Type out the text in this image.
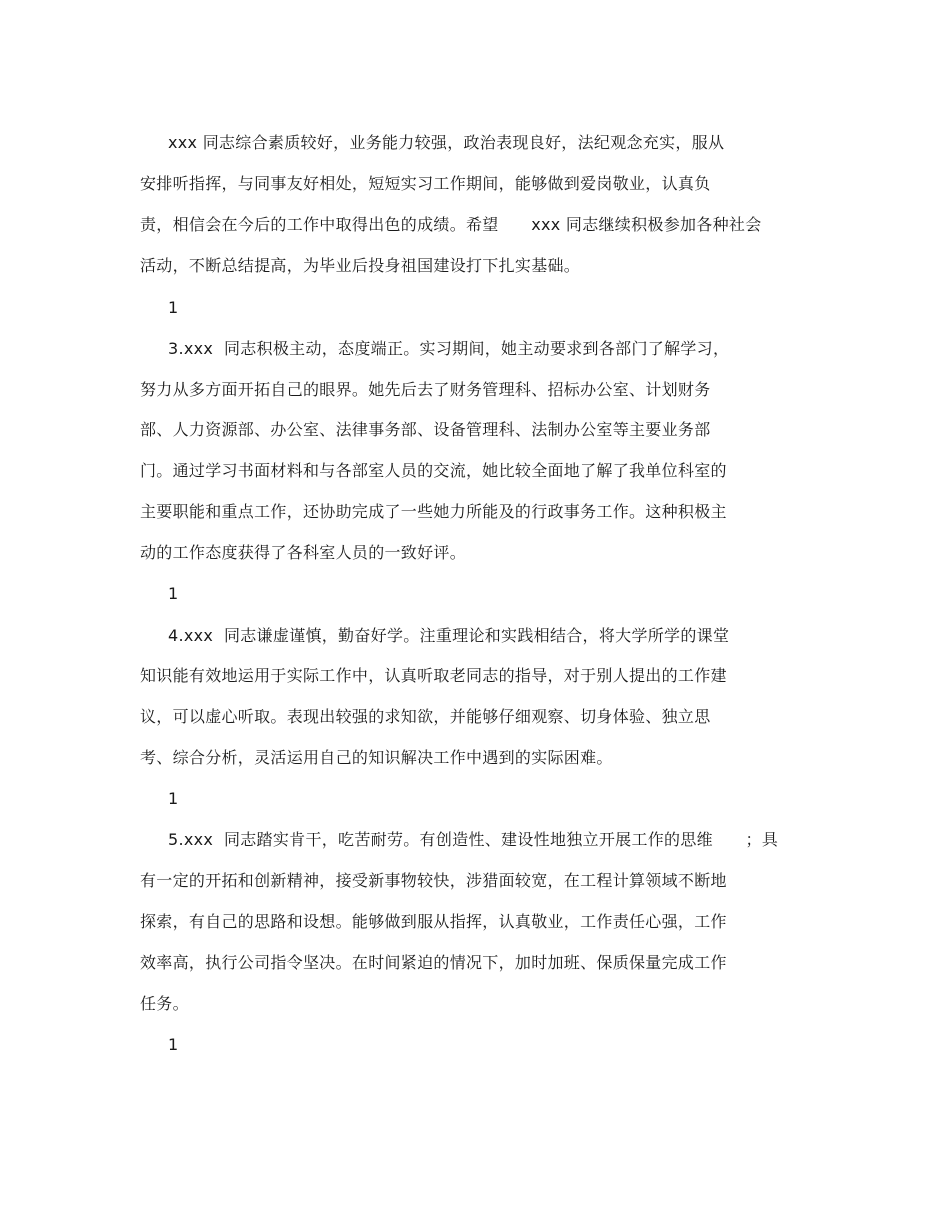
xxx 同志综合素质较好，业务能力较强，政治表现良好，法纪观念充实，服从
安排听指挥，与同事友好相处，短短实习工作期间，能够做到爱岗敬业，认真负
责，相信会在今后的工作中取得出色的成绩。希望　　xxx 同志继续积极参加各种社会
活动，不断总结提高，为毕业后投身祖国建设打下扎实基础。
1
3.xxx  同志积极主动，态度端正。实习期间，她主动要求到各部门了解学习，
努力从多方面开拓自己的眼界。她先后去了财务管理科、招标办公室、计划财务
部、人力资源部、办公室、法律事务部、设备管理科、法制办公室等主要业务部
门。通过学习书面材料和与各部室人员的交流，她比较全面地了解了我单位科室的
主要职能和重点工作，还协助完成了一些她力所能及的行政事务工作。这种积极主
动的工作态度获得了各科室人员的一致好评。
1
4.xxx  同志谦虚谨慎，勤奋好学。注重理论和实践相结合，将大学所学的课堂
知识能有效地运用于实际工作中，认真听取老同志的指导，对于别人提出的工作建
议，可以虚心听取。表现出较强的求知欲，并能够仔细观察、切身体验、独立思
考、综合分析，灵活运用自己的知识解决工作中遇到的实际困难。
1
5.xxx  同志踏实肯干，吃苦耐劳。有创造性、建设性地独立开展工作的思维　　；具
有一定的开拓和创新精神，接受新事物较快，涉猎面较宽，在工程计算领域不断地
探索，有自己的思路和设想。能够做到服从指挥，认真敬业，工作责任心强，工作
效率高，执行公司指令坚决。在时间紧迫的情况下，加时加班、保质保量完成工作
任务。
1
